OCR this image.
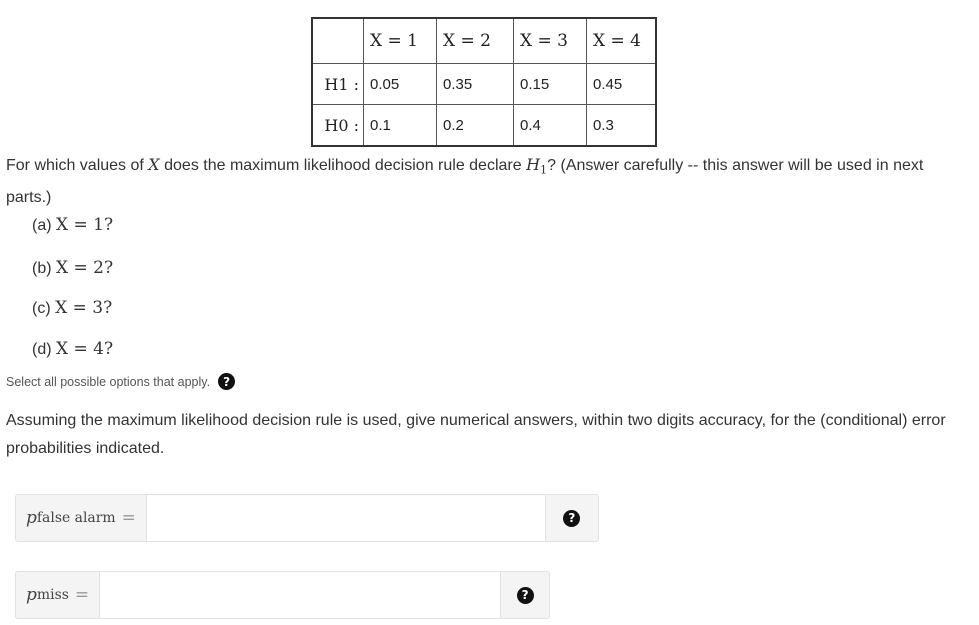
	X = 1	X = 2	X = 3	X = 4
H1 :	0.05	0.35	0.15	0.45
H0 :	0.1	0.2	0.4	0.3
For which values of X does the maximum likelihood decision rule declare $H_1$? (Answer carefully -- this answer will be used in next parts.)
(a) X = 1?
(b) X = 2?
(c) X = 3?
(d) X = 4?
Select all possible options that apply.	?
Assuming the maximum likelihood decision rule is used, give numerical answers, within two digits accuracy, for the (conditional) error probabilities indicated.
p false alarm =	?
p miss =	?
